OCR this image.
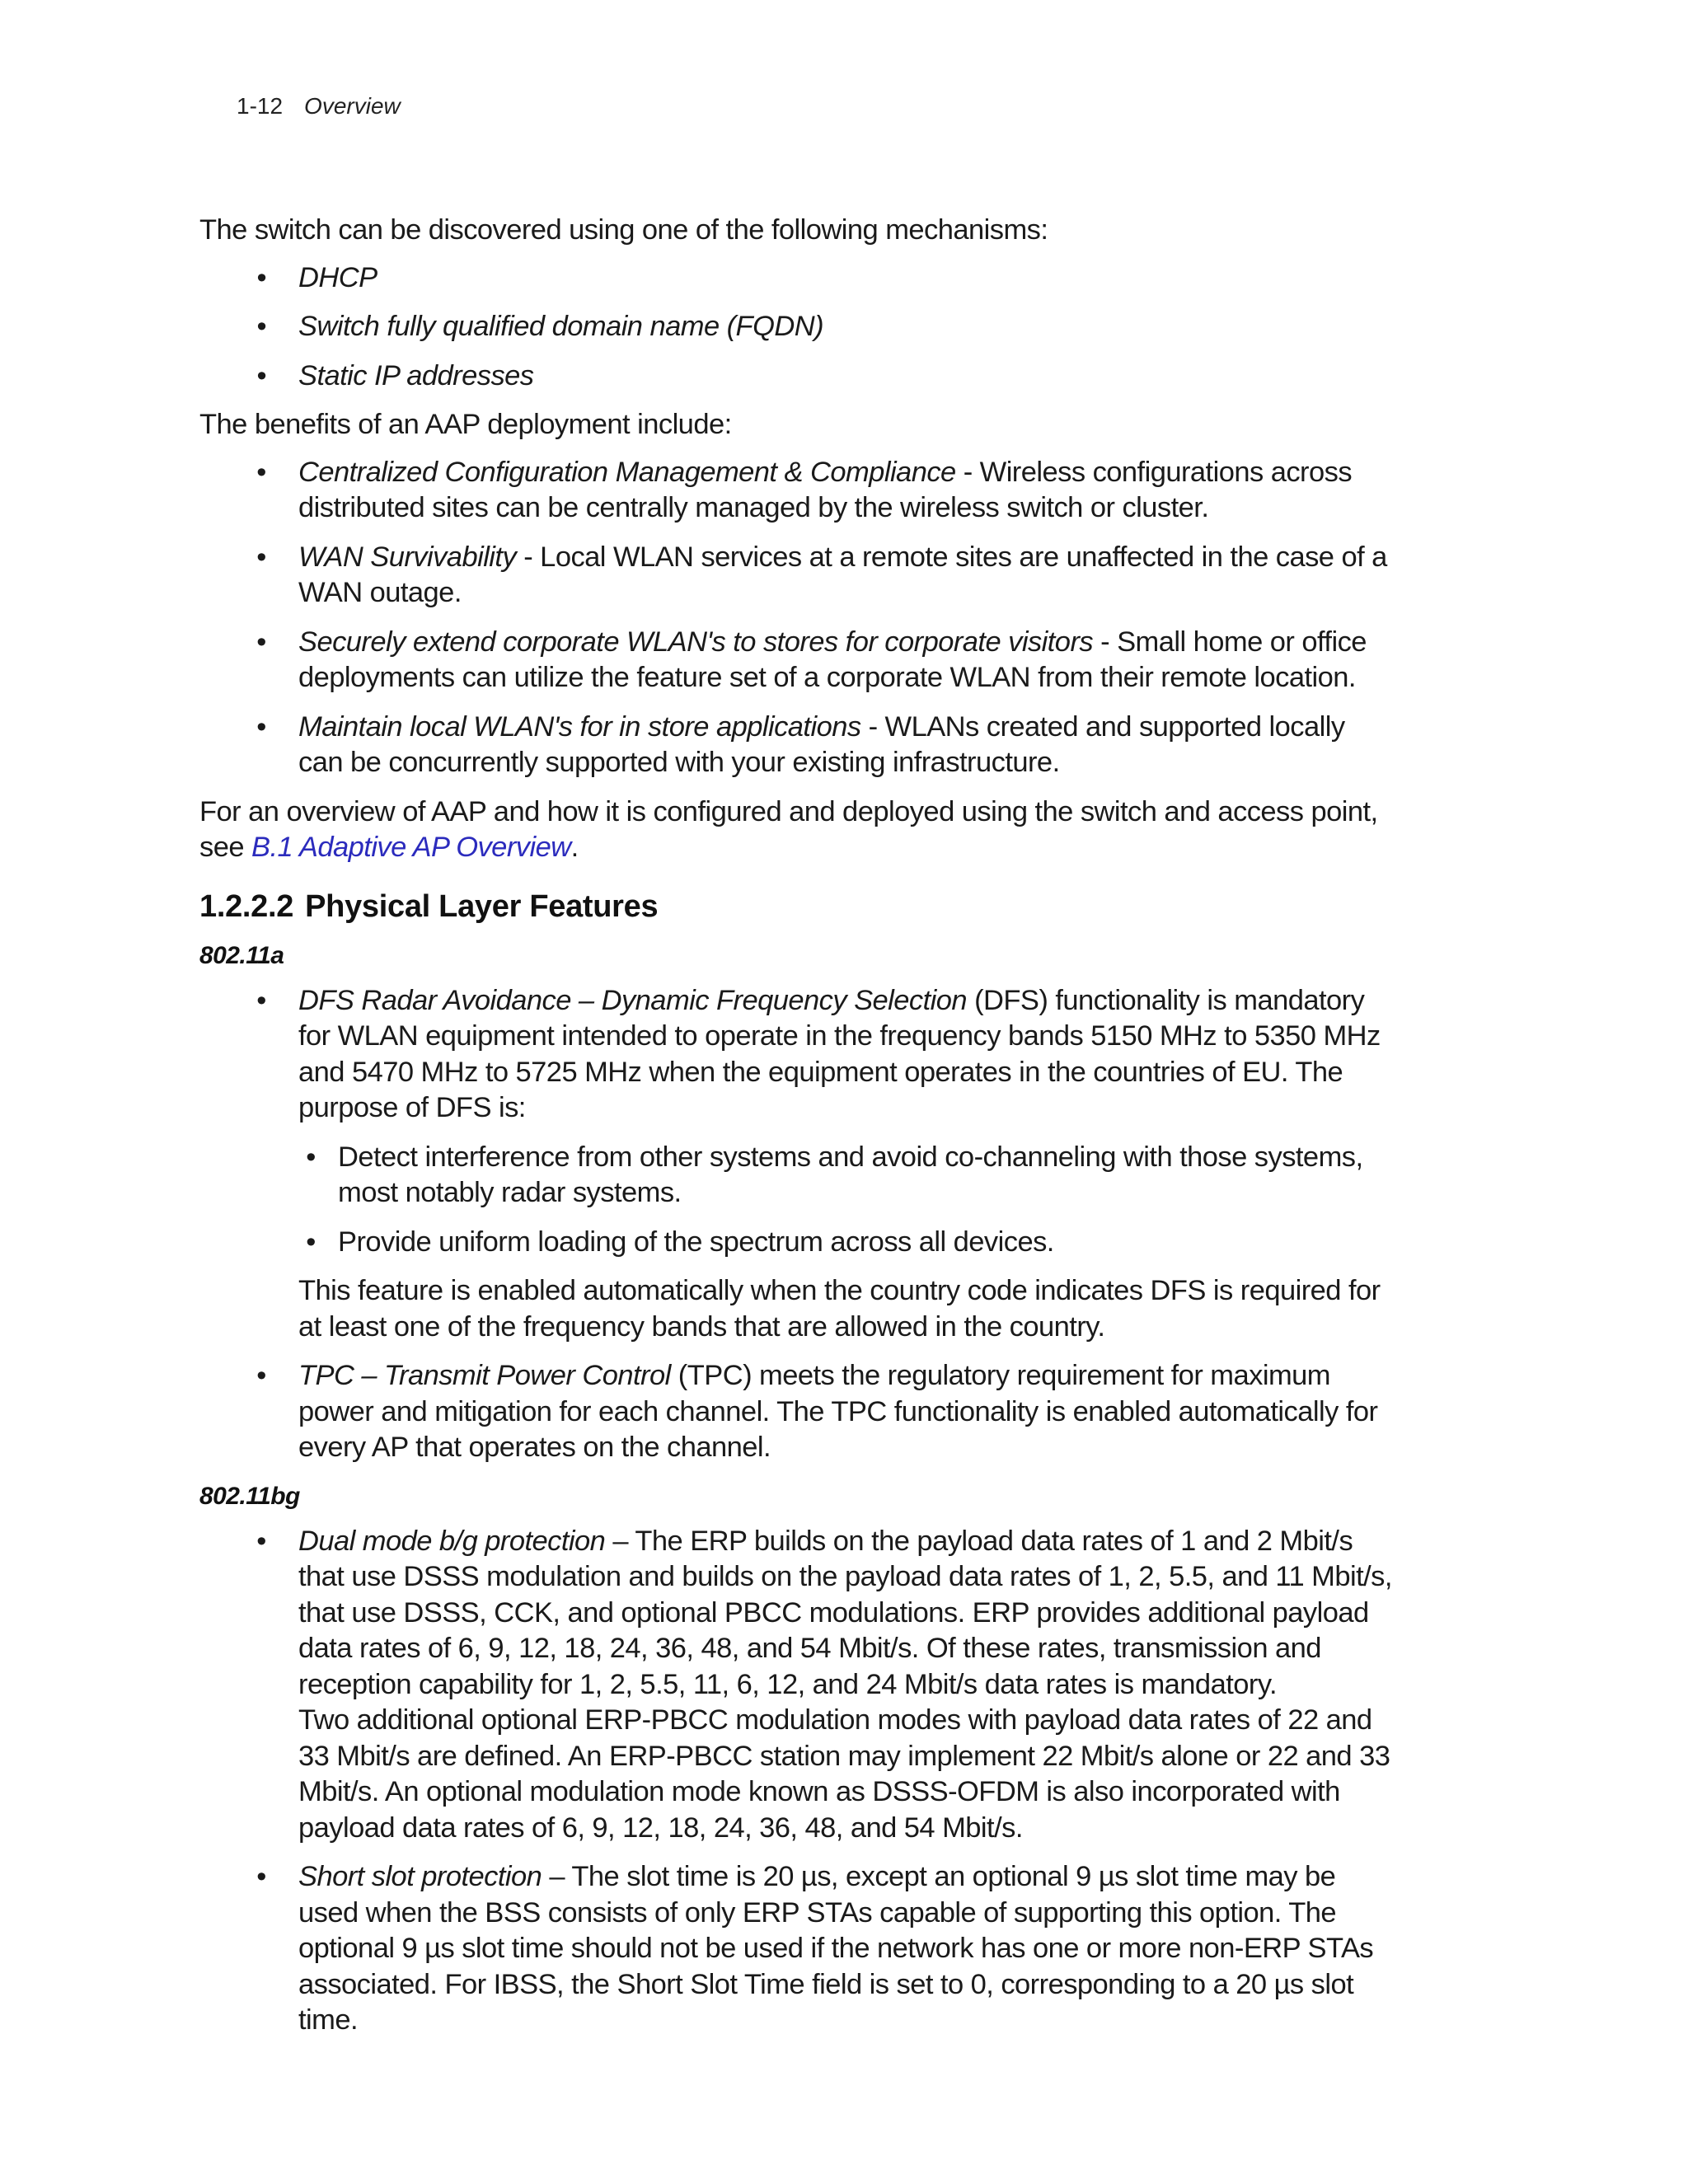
1-12 Overview

The switch can be discovered using one of the following mechanisms:

• DHCP
• Switch fully qualified domain name (FQDN)
• Static IP addresses

The benefits of an AAP deployment include:

• Centralized Configuration Management & Compliance - Wireless configurations across distributed sites can be centrally managed by the wireless switch or cluster.
• WAN Survivability - Local WLAN services at a remote sites are unaffected in the case of a WAN outage.
• Securely extend corporate WLAN's to stores for corporate visitors - Small home or office deployments can utilize the feature set of a corporate WLAN from their remote location.
• Maintain local WLAN's for in store applications - WLANs created and supported locally can be concurrently supported with your existing infrastructure.

For an overview of AAP and how it is configured and deployed using the switch and access point, see B.1 Adaptive AP Overview.

1.2.2.2 Physical Layer Features
802.11a
• DFS Radar Avoidance – Dynamic Frequency Selection (DFS) functionality is mandatory for WLAN equipment intended to operate in the frequency bands 5150 MHz to 5350 MHz and 5470 MHz to 5725 MHz when the equipment operates in the countries of EU. The purpose of DFS is:
• Detect interference from other systems and avoid co-channeling with those systems, most notably radar systems.
• Provide uniform loading of the spectrum across all devices.

This feature is enabled automatically when the country code indicates DFS is required for at least one of the frequency bands that are allowed in the country.

• TPC – Transmit Power Control (TPC) meets the regulatory requirement for maximum power and mitigation for each channel. The TPC functionality is enabled automatically for every AP that operates on the channel.
802.11bg
• Dual mode b/g protection – The ERP builds on the payload data rates of 1 and 2 Mbit/s that use DSSS modulation and builds on the payload data rates of 1, 2, 5.5, and 11 Mbit/s, that use DSSS, CCK, and optional PBCC modulations. ERP provides additional payload data rates of 6, 9, 12, 18, 24, 36, 48, and 54 Mbit/s. Of these rates, transmission and reception capability for 1, 2, 5.5, 11, 6, 12, and 24 Mbit/s data rates is mandatory.

Two additional optional ERP-PBCC modulation modes with payload data rates of 22 and 33 Mbit/s are defined. An ERP-PBCC station may implement 22 Mbit/s alone or 22 and 33 Mbit/s. An optional modulation mode known as DSSS-OFDM is also incorporated with payload data rates of 6, 9, 12, 18, 24, 36, 48, and 54 Mbit/s.

• Short slot protection – The slot time is 20 µs, except an optional 9 µs slot time may be used when the BSS consists of only ERP STAs capable of supporting this option. The optional 9 µs slot time should not be used if the network has one or more non-ERP STAs associated. For IBSS, the Short Slot Time field is set to 0, corresponding to a 20 µs slot time.
